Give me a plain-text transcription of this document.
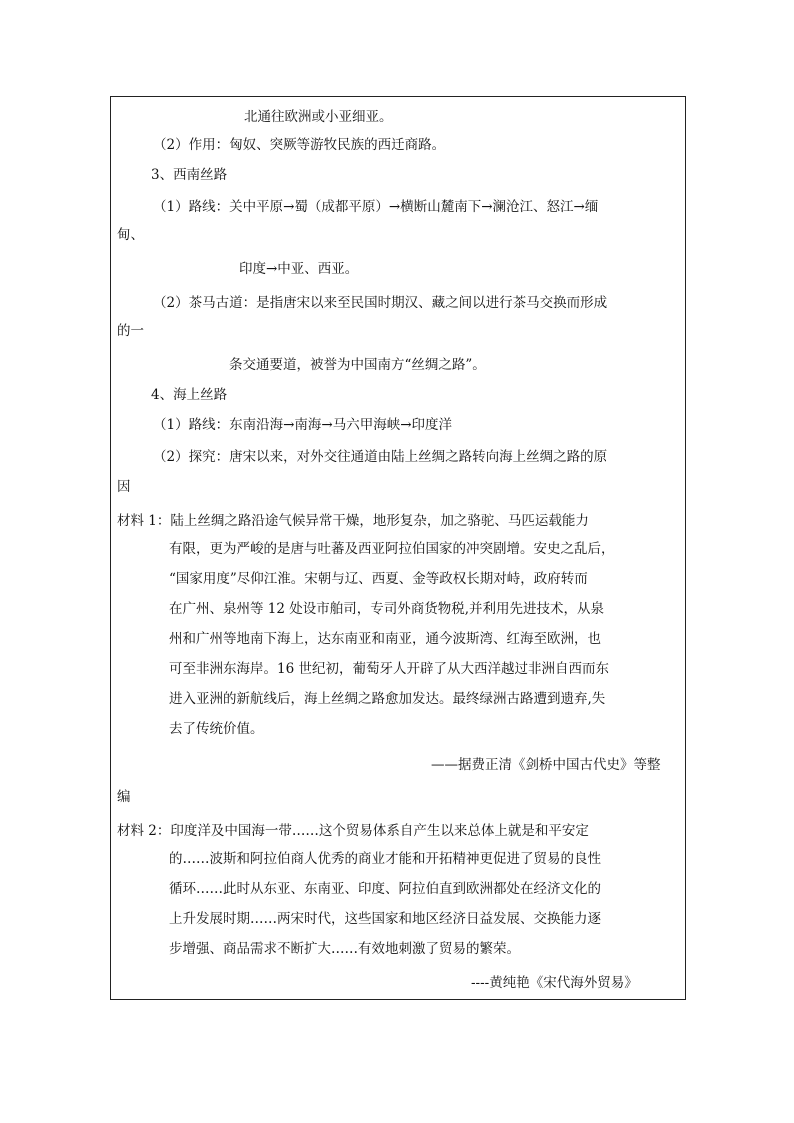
北通往欧洲或小亚细亚。
（2）作用：匈奴、突厥等游牧民族的西迁商路。
3、西南丝路
（1）路线：关中平原→蜀（成都平原）→横断山麓南下→澜沧江、怒江→缅
甸、
印度→中亚、西亚。
（2）茶马古道：是指唐宋以来至民国时期汉、藏之间以进行茶马交换而形成
的一
条交通要道，被誉为中国南方“丝绸之路”。
4、海上丝路
（1）路线：东南沿海→南海→马六甲海峡→印度洋
（2）探究：唐宋以来，对外交往通道由陆上丝绸之路转向海上丝绸之路的原
因
材料 1：陆上丝绸之路沿途气候异常干燥，地形复杂，加之骆驼、马匹运载能力
有限，更为严峻的是唐与吐蕃及西亚阿拉伯国家的冲突剧增。安史之乱后，
“国家用度”尽仰江淮。宋朝与辽、西夏、金等政权长期对峙，政府转而
在广州、泉州等 12 处设市舶司，专司外商货物税,并利用先进技术，从泉
州和广州等地南下海上，达东南亚和南亚，通今波斯湾、红海至欧洲，也
可至非洲东海岸。16 世纪初，葡萄牙人开辟了从大西洋越过非洲自西而东
进入亚洲的新航线后，海上丝绸之路愈加发达。最终绿洲古路遭到遗弃,失
去了传统价值。
——据费正清《剑桥中国古代史》等整
编
材料 2：印度洋及中国海一带……这个贸易体系自产生以来总体上就是和平安定
的……波斯和阿拉伯商人优秀的商业才能和开拓精神更促进了贸易的良性
循环……此时从东亚、东南亚、印度、阿拉伯直到欧洲都处在经济文化的
上升发展时期……两宋时代，这些国家和地区经济日益发展、交换能力逐
步增强、商品需求不断扩大……有效地刺激了贸易的繁荣。
----黄纯艳《宋代海外贸易》
